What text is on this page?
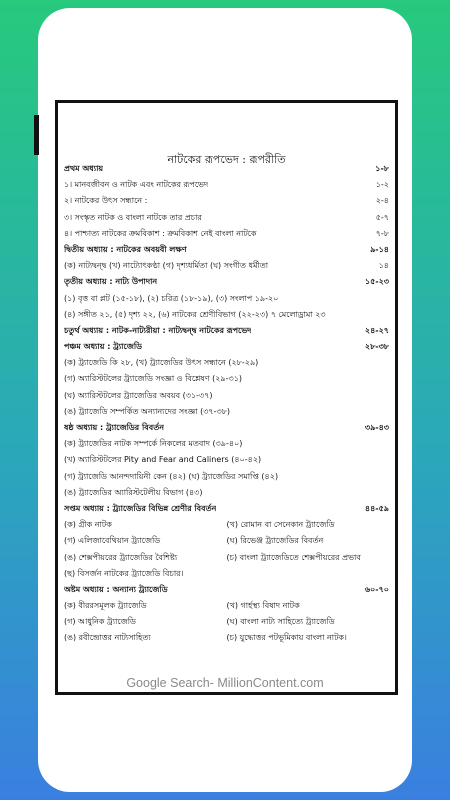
নাটকের রূপভেদ : রূপরীতি
প্রথম অধ্যায়	১-৮
১। মানবজীবন ও নাটক এবং নাটকের রূপভেদ	১-২
২। নাটকের উৎস সন্ধানে :	২-৪
৩। সংস্কৃত নাটক ও বাংলা নাটকে তার প্রচার	৫-৭
৪। পাশ্চাত্য নাটকের ক্রমবিকাশ : ক্রমবিকাশ নেই বাংলা নাটকে	৭-৮
দ্বিতীয় অধ্যায় : নাটকের অবয়বী লক্ষণ	৯-১৪
(ক) নাট্যদ্বন্দ্ব (খ) নাট্যোৎকণ্ঠা (গ) দৃশ্যধর্মিতা (ঘ) সংগীত ধর্মীতা	১৪
তৃতীয় অধ্যায় : নাট্য উপাদান	১৫-২৩
(১) বৃত্ত বা প্লট (১৫-১৮), (২) চরিত্র (১৮-১৯), (৩) সংলাপ ১৯-২০
(৪) সঙ্গীত ২১, (৫) দৃশ্য ২২, (৬) নাটকের শ্রেণীবিভাগ (২২-২৩) ৭ মেলোড্রামা ২৩
চতুর্থ অধ্যায় : নাটক-নাট্যরীয়া : নাট্যদ্বন্দ্ব নাটকের রূপভেদ	২৪-২৭
পঞ্চম অধ্যায় : ট্র্যাজেডি	২৮-৩৮
(ক) ট্র্যাজেডি কি ২৮, (খ) ট্র্যাজেডির উৎস সন্ধানে (২৮-২৯)
(গ) অ্যারিস্টটলের ট্র্যাজেডি সংজ্ঞা ও বিশ্লেষণ (২৯-৩১)
(ঘ) অ্যারিস্টটলের ট্র্যাজেডির অবয়ব (৩১-৩৭)
(ঙ) ট্র্যাজেডি সম্পর্কিত অন্যান্যদের সংজ্ঞা (৩৭-৩৮)
ষষ্ঠ অধ্যায় : ট্র্যাজেডির বিবর্তন	৩৯-৪৩
(ক) ট্র্যাজেডির নাটক সম্পর্কে নিকলের মতবাদ (৩৯-৪০)
(খ) অ্যারিস্টটলের Pity and Fear and Caliners (৪০-৪২)
(গ) ট্র্যাজেডি আনন্দদায়িনী কেন (৪২) (ঘ) ট্র্যাজেডির সমাপ্তি (৪২)
(ঙ) ট্র্যাজেডির অ্যারিস্টটেলীয় বিভাগ (৪৩)
সপ্তম অধ্যায় : ট্র্যাজেডির বিভিন্ন শ্রেণীর বিবর্তন	৪৪-৫৯
(ক) গ্রীক নাটক	(খ) রোমান বা সেনেকান ট্র্যাজেডি
(গ) এলিজাবেথিয়ান ট্র্যাজেডি	(ঘ) রিভেঞ্জ ট্র্যাজেডির বিবর্তন
(ঙ) শেক্সপীয়রের ট্র্যাজেডির বৈশিষ্ট্য	(চ) বাংলা ট্র্যাজেডিতে শেক্সপীয়রের প্রভাব
(ছ) বিসর্জন নাটকের ট্র্যাজেডি বিচার।
অষ্টম অধ্যায় : অন্যান্য ট্র্যাজেডি	৬০-৭০
(ক) বীররসমূলক ট্র্যাজেডি	(খ) গার্হস্থ্য বিষাদ নাটক
(গ) আধুনিক ট্র্যাজেডি	(ঘ) বাংলা নাট্য সাহিত্যে ট্র্যাজেডি
(ঙ) রবীন্দ্রোত্তর নাট্যসাহিত্য	(চ) যুদ্ধোত্তর পটভূমিকায় বাংলা নাটক।
Google Search- MillionContent.com
